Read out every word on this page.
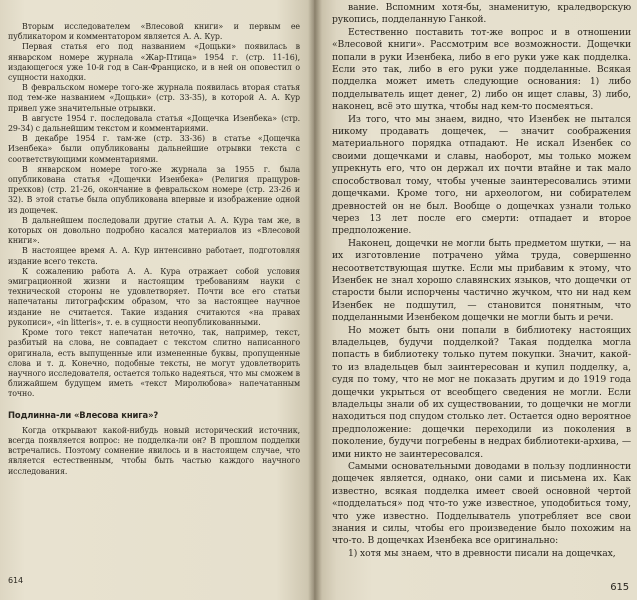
Вторым исследователем «Влесовой книги» и первым ее публикатором и комментатором является А. А. Кур.

Первая статья его под названием «Дощьки» появилась в январском номере журнала «Жар-Птица» 1954 г. (стр. 11-16), издающегося уже 10-й год в Сан-Франциско, и в ней он оповестил о сущности находки.

В февральском номере того-же журнала появилась вторая статья под тем-же названием «Дощьки» (стр. 33-35), в которой А. А. Кур привел уже значительные отрывки.

В августе 1954 г. последовала статья «Дощечка Изенбека» (стр. 29-34) с дальнейшим текстом и комментариями.

В декабре 1954 г. там-же (стр. 33-36) в статье «Дощечка Изенбека» были опубликованы дальнейшие отрывки текста с соответствующими комментариями.

В январском номере того-же журнала за 1955 г. была опубликована статья «Дощечки Изенбека» (Религия пращуров-прехков) (стр. 21-26, окончание в февральском номере (стр. 23-26 и 32). В этой статье была опубликована впервые и изображение одной из дощечек.

В дальнейшем последовали другие статьи А. А. Кура там же, в которых он довольно подробно касался материалов из «Влесовой книги».

В настоящее время А. А. Кур интенсивно работает, подготовляя издание всего текста.

К сожалению работа А. А. Кура отражает собой условия эмиграционной жизни и настоящим требованиям науки с технической стороны не удовлетворяет. Почти все его статьи напечатаны литографским образом, что за настоящее научное издание не считается. Такие издания считаются «на правах рукописи», «in litteris», т. е. в сущности неопубликованными.

Кроме того текст напечатан неточно, так, например, текст, разбитый на слова, не совпадает с текстом слитно написанного оригинала, есть выпущенные или измененные буквы, пропущенные слова и т. д. Конечно, подобные тексты, не могут удовлетворить научного исследователя, остается только надеяться, что мы сможем в ближайшем будущем иметь «текст Миролюбова» напечатанным точно.

Подлинна-ли «Влесова книга»?

Когда открывают какой-нибудь новый исторический источник, всегда появляется вопрос: не подделка-ли он? В прошлом подделки встречались. Поэтому сомнение явилось и в настоящем случае, что является естественным, чтобы быть частью каждого научного исследования.

614

вание. Вспомним хотя-бы, знаменитую, краледворскую рукопись, подделанную Ганкой.

Естественно поставить тот-же вопрос и в отношении «Влесовой книги». Рассмотрим все возможности. Дощечки попали в руки Изенбека, либо в его руки уже как подделка. Если это так, либо в его руки уже подделанные. Всякая подделка может иметь следующие основания: 1) либо подделыватель ищет денег, 2) либо он ищет славы, 3) либо, наконец, всё это шутка, чтобы над кем-то посмеяться.

Из того, что мы знаем, видно, что Изенбек не пытался никому продавать дощечек, — значит соображения материального порядка отпадают. Не искал Изенбек со своими дощечками и славы, наоборот, мы только можем упрекнуть его, что он держал их почти втайне и так мало способствовал тому, чтобы ученые заинтересовались этими дощечками. Кроме того, ни археологом, ни собирателем древностей он не был. Вообще о дощечках узнали только через 13 лет после его смерти: отпадает и второе предположение.

Наконец, дощечки не могли быть предметом шутки, — на их изготовление потрачено уйма труда, совершенно несоответствующая шутке. Если мы прибавим к этому, что Изенбек не знал хорошо славянских языков, что дощечки от старости были испорчены частично жучком, что ни над кем Изенбек не подшутил, — становится понятным, что подделанными Изенбеком дощечки не могли быть и речи.

Но может быть они попали в библиотеку настоящих владельцев, будучи подделкой? Такая подделка могла попасть в библиотеку только путем покупки. Значит, какой-то из владельцев был заинтересован и купил подделку, а, судя по тому, что не мог не показать другим и до 1919 года дощечки укрыться от всеобщего сведения не могли. Если владельцы знали об их существовании, то дощечки не могли находиться под спудом столько лет. Остается одно вероятное предположение: дощечки переходили из поколения в поколение, будучи погребены в недрах библиотеки-архива, — ими никто не заинтересовался.

Самыми основательными доводами в пользу подлинности дощечек является, однако, они сами и письмена их. Как известно, всякая подделка имеет своей основной чертой «подделаться» под что-то уже известное, уподобиться тому, что уже известно. Подделыватель употребляет все свои знания и силы, чтобы его произведение было похожим на что-то. В дощечках Изенбека все оригинально:

1) хотя мы знаем, что в древности писали на дощечках,

615
